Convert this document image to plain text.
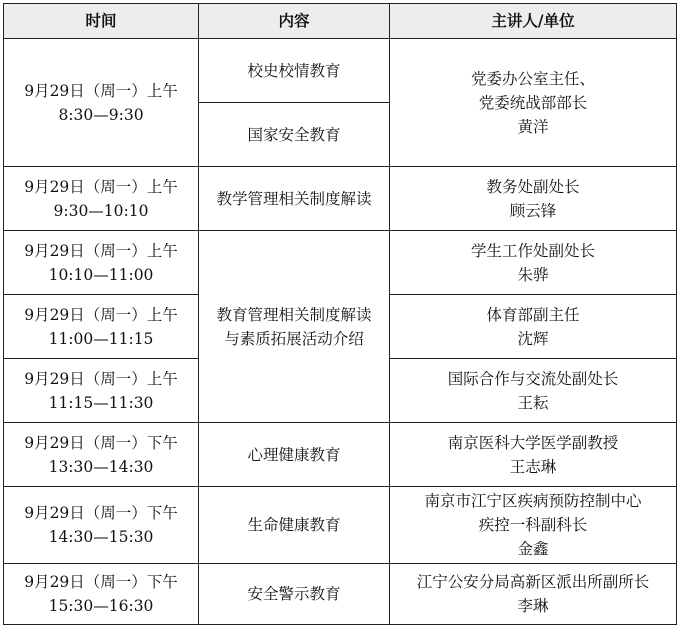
时间	内容	主讲人/单位

9月29日（周一）上午
8:30—9:30	校史校情教育	党委办公室主任、
党委统战部部长
黄洋

	国家安全教育	

9月29日（周一）上午
9:30—10:10	教学管理相关制度解读	教务处副处长
顾云锋

9月29日（周一）上午
10:10—11:00	教育管理相关制度解读
与素质拓展活动介绍	学生工作处副处长
朱骅

9月29日（周一）上午
11:00—11:15		体育部副主任
沈辉

9月29日（周一）上午
11:15—11:30		国际合作与交流处副处长
王耘

9月29日（周一）下午
13:30—14:30	心理健康教育	南京医科大学医学副教授
王志琳

9月29日（周一）下午
14:30—15:30	生命健康教育	南京市江宁区疾病预防控制中心
疾控一科副科长
金鑫

9月29日（周一）下午
15:30—16:30	安全警示教育	江宁公安分局高新区派出所副所长
李琳
